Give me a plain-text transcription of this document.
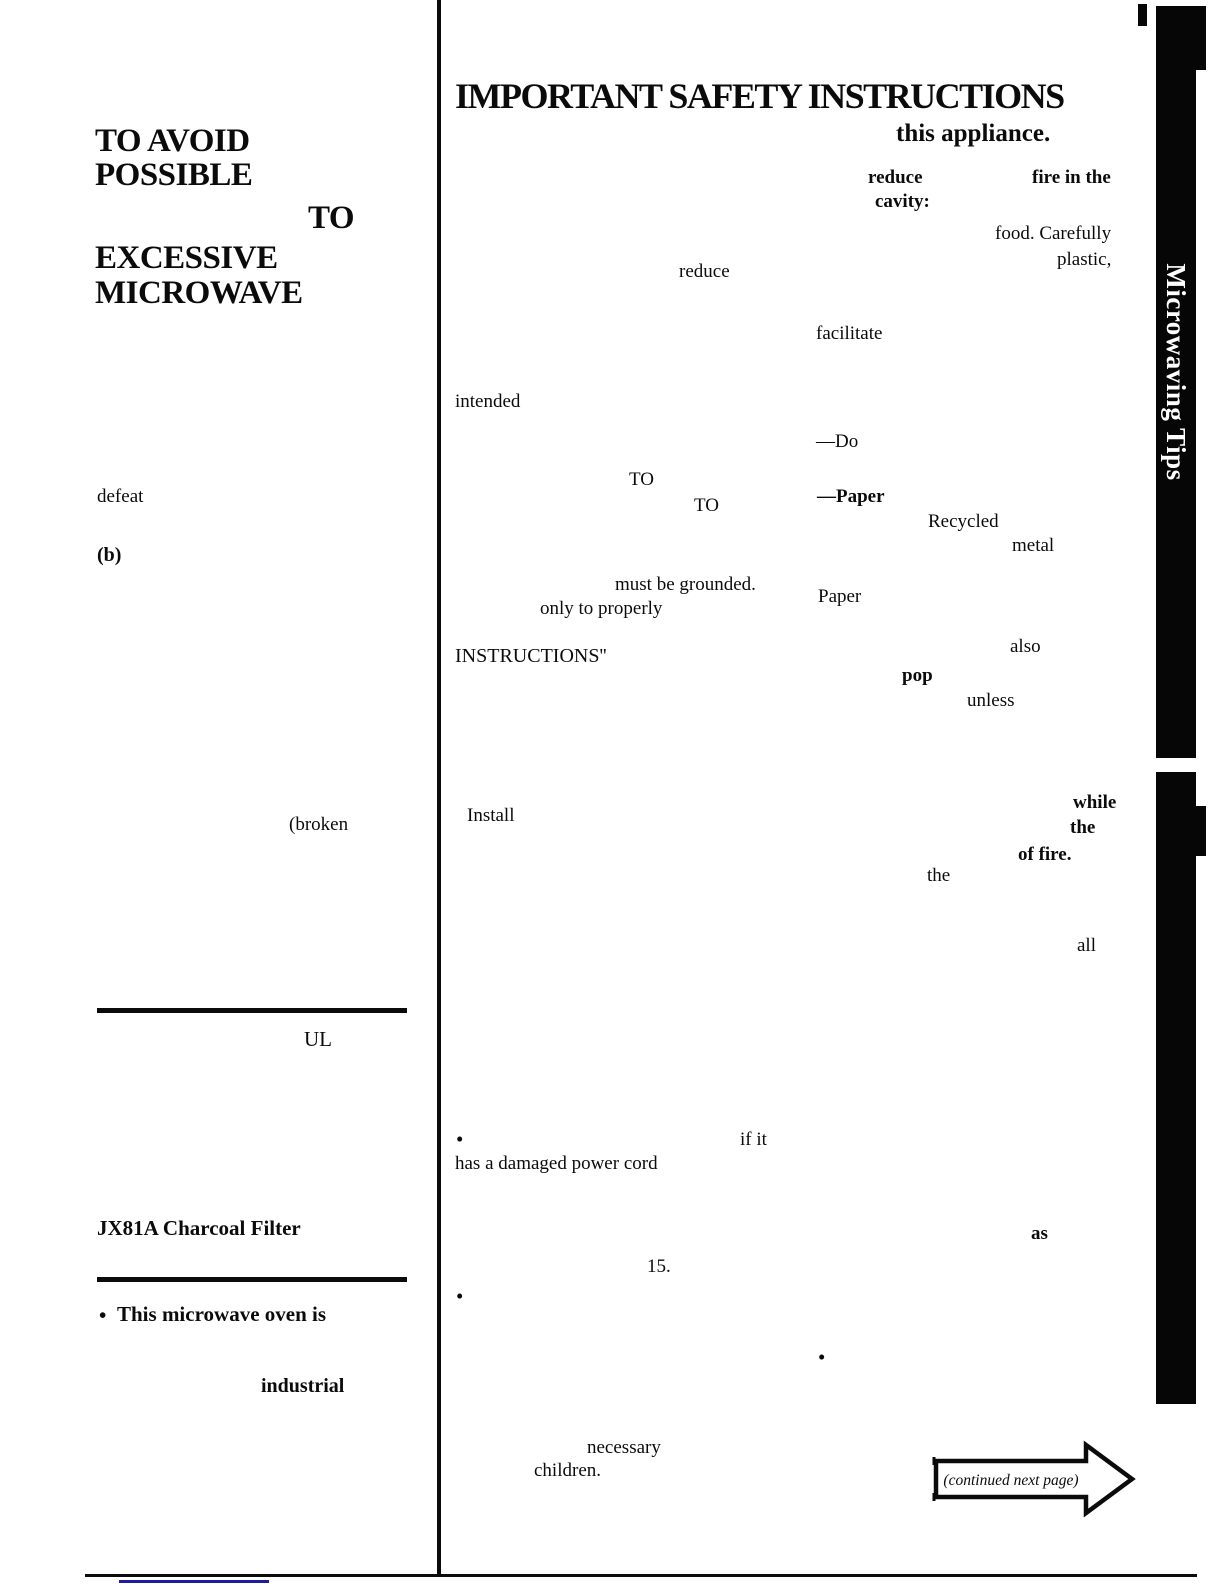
TO AVOID
POSSIBLE
TO
EXCESSIVE
MICROWAVE
defeat
(b)
(broken
UL
JX81A Charcoal Filter
• This microwave oven is
industrial
IMPORTANT SAFETY INSTRUCTIONS
this appliance.
reduce	fire in the
cavity:
food. Carefully
plastic,
reduce
facilitate
intended
—Do
TO
TO	—Paper
Recycled
metal
must be grounded.
Paper
only to properly
INSTRUCTIONS''	also
pop
unless
Install
while
the
of fire.
the
all
•	if it
has a damaged power cord
as
15.
•
•
necessary
children.	(continued next page)
Microwaving Tips
